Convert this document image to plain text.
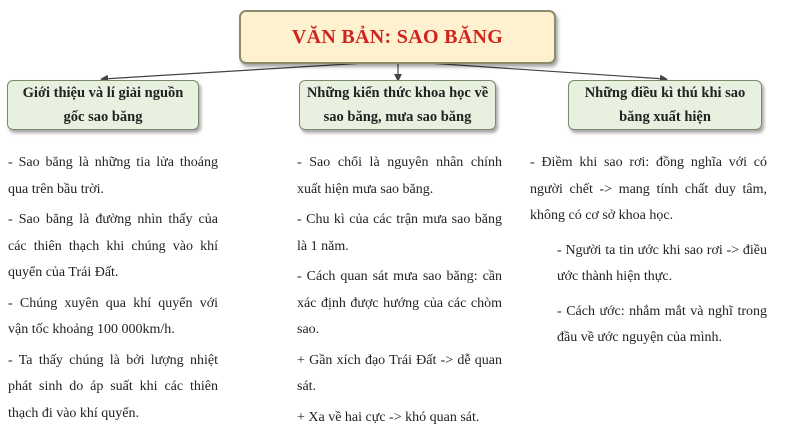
VĂN BẢN: SAO BĂNG
Giới thiệu và lí giải nguồn gốc sao băng
Những kiến thức khoa học về sao băng, mưa sao băng
Những điều kì thú khi sao băng xuất hiện

- Sao băng là những tia lửa thoáng qua trên bầu trời.

- Sao băng là đường nhìn thấy của các thiên thạch khi chúng vào khí quyển của Trái Đất.

- Chúng xuyên qua khí quyển với vận tốc khoảng 100 000km/h.

- Ta thấy chúng là bởi lượng nhiệt phát sinh do áp suất khi các thiên thạch đi vào khí quyển.

- Sao chổi là nguyên nhân chính xuất hiện mưa sao băng.

- Chu kì của các trận mưa sao băng là 1 năm.

- Cách quan sát mưa sao băng: cần xác định được hướng của các chòm sao.

+ Gần xích đạo Trái Đất -> dễ quan sát.

+ Xa về hai cực -> khó quan sát.

- Điềm khi sao rơi: đồng nghĩa với có người chết -> mang tính chất duy tâm, không có cơ sở khoa học.

- Người ta tin ước khi sao rơi -> điều ước thành hiện thực.

- Cách ước: nhắm mắt và nghĩ trong đầu về ước nguyện của mình.
